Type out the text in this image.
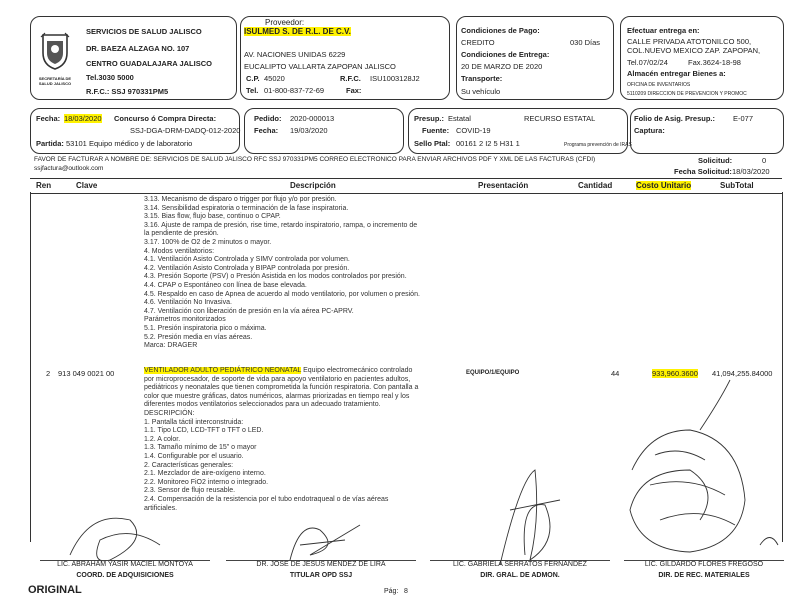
SECRETARÍA DE SALUD JALISCO
SERVICIOS DE SALUD JALISCO
DR. BAEZA ALZAGA NO. 107
CENTRO GUADALAJARA JALISCO
Tel.3030 5000
R.F.C.: SSJ 970331PM5
Proveedor:
ISULMED S. DE R.L. DE C.V.
AV. NACIONES UNIDAS 6229
EUCALIPTO VALLARTA ZAPOPAN JALISCO
C.P. 45020	R.F.C. ISU1003128J2
Tel. 01-800-837-72-69	Fax:
Condiciones de Pago:
CREDITO	030 Días
Condiciones de Entrega:
20 DE MARZO DE 2020
Transporte:
Su vehículo
Efectuar entrega en:
CALLE PRIVADA ATOTONILCO 500,
COL.NUEVO MEXICO ZAP. ZAPOPAN,
Tel.07/02/24	Fax.3624-18-98
Almacén entregar Bienes a:
OFICINA DE INVENTARIOS
5110209 DIRECCION DE PREVENCION Y PROMOC
Fecha: 18/03/2020 Concurso ó Compra Directa:
SSJ-DGA-DRM-DADQ-012-2020
Partida: 53101 Equipo médico y de laboratorio
Pedido: 2020-000013
Fecha: 19/03/2020
Presup.: Estatal	RECURSO ESTATAL
Fuente: COVID-19
Sello Ptal: 00161 2 I2 5 H31 1	Programa prevención de IRAS
Folio de Asig. Presup.: E-077
Captura:
FAVOR DE FACTURAR A NOMBRE DE: SERVICIOS DE SALUD JALISCO RFC SSJ 970331PM5 CORREO ELECTRONICO PARA ENVIAR ARCHIVOS PDF Y XML DE LAS FACTURAS (CFDI)
ssjfactura@outlook.com
Solicitud:	0
Fecha Solicitud: 18/03/2020
Ren	Clave	Descripción	Presentación	Cantidad	Costo Unitario	SubTotal
3.13. Mecanismo de disparo o trigger por flujo y/o por presión.
3.14. Sensibilidad espiratoria o terminación de la fase inspiratoria.
3.15. Bias flow, flujo base, continuo o CPAP.
3.16. Ajuste de rampa de presión, rise time, retardo inspiratorio, rampa, o incremento de
la pendiente de presión.
3.17. 100% de O2 de 2 minutos o mayor.
4. Modos ventilatorios:
4.1. Ventilación Asisto Controlada y SIMV controlada por volumen.
4.2. Ventilación Asisto Controlada y BIPAP controlada por presión.
4.3. Presión Soporte (PSV) o Presión Asistida en los modos controlados por presión.
4.4. CPAP o Espontáneo con línea de base elevada.
4.5. Respaldo en caso de Apnea de acuerdo al modo ventilatorio, por volumen o presión.
4.6. Ventilación No Invasiva.
4.7. Ventilación con liberación de presión en la vía aérea PC-APRV.
Parámetros monitorizados
5.1. Presión inspiratoria pico o máxima.
5.2. Presión media en vías aéreas.
Marca: DRAGER
2 913 049 0021 00	EQUIPO/1/EQUIPO	44	933,960.3600 41,094,255.84000
VENTILADOR ADULTO PEDIÁTRICO NEONATAL Equipo electromecánico controlado
por microprocesador, de soporte de vida para apoyo ventilatorio en pacientes adultos,
pediátricos y neonatales que tienen comprometida la función respiratoria. Con pantalla a
color que muestre gráficas, datos numéricos, alarmas priorizadas en tiempo real y los
diferentes modos ventilatorios seleccionados para un adecuado tratamiento.
DESCRIPCIÓN:
1. Pantalla táctil interconstruida:
1.1. Tipo LCD, LCD-TFT o TFT o LED.
1.2. A color.
1.3. Tamaño mínimo de 15" o mayor
1.4. Configurable por el usuario.
2. Características generales:
2.1. Mezclador de aire-oxígeno interno.
2.2. Monitoreo FiO2 interno o integrado.
2.3. Sensor de flujo reusable.
2.4. Compensación de la resistencia por el tubo endotraqueal o de vías aéreas
artificiales.
LIC. ABRAHAM YASIR MACIEL MONTOYA
COORD. DE ADQUISICIONES
DR. JOSE DE JESUS MENDEZ DE LIRA
TITULAR OPD SSJ
LIC. GABRIELA SERRATOS FERNANDEZ
DIR. GRAL. DE ADMON.
LIC. GILDARDO FLORES FREGOSO
DIR. DE REC. MATERIALES
ORIGINAL	Pág: 8
